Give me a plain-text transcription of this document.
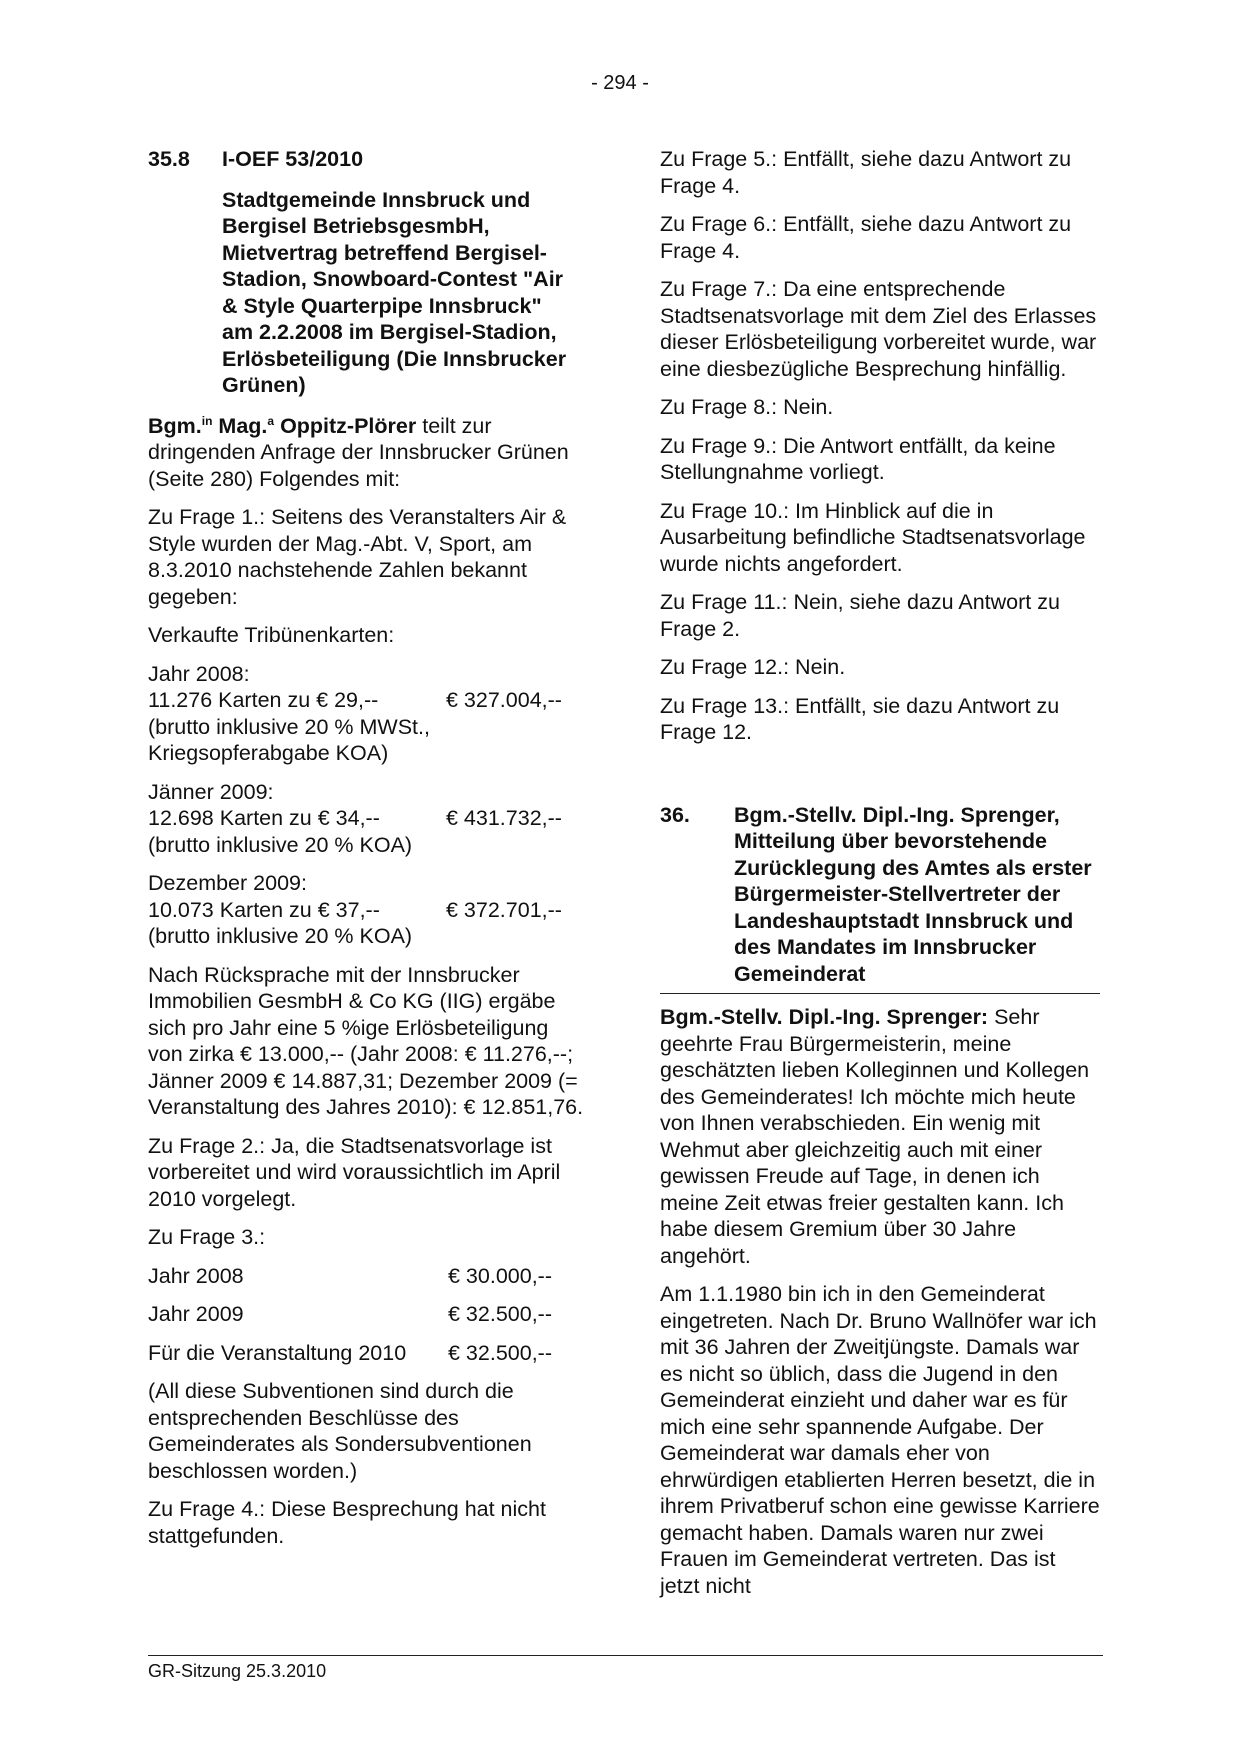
- 294 -
35.8	I-OEF 53/2010
Stadtgemeinde Innsbruck und Bergisel BetriebsgesmbH, Mietvertrag betreffend Bergisel-Stadion, Snowboard-Contest "Air & Style Quarterpipe Innsbruck" am 2.2.2008 im Bergisel-Stadion, Erlösbeteiligung (Die Innsbrucker Grünen)

Bgm.$^{in}$ Mag.$^a$ Oppitz-Plörer teilt zur dringenden Anfrage der Innsbrucker Grünen (Seite 280) Folgendes mit:

Zu Frage 1.: Seitens des Veranstalters Air & Style wurden der Mag.-Abt. V, Sport, am 8.3.2010 nachstehende Zahlen bekannt gegeben:

Verkaufte Tribünenkarten:

Jahr 2008:
11.276 Karten zu € 29,--	€ 327.004,--
(brutto inklusive 20 % MWSt., Kriegsopferabgabe KOA)
Jänner 2009:
12.698 Karten zu € 34,--	€ 431.732,--
(brutto inklusive 20 % KOA)
Dezember 2009:
10.073 Karten zu € 37,--	€ 372.701,--
(brutto inklusive 20 % KOA)

Nach Rücksprache mit der Innsbrucker Immobilien GesmbH & Co KG (IIG) ergäbe sich pro Jahr eine 5 %ige Erlösbeteiligung von zirka € 13.000,-- (Jahr 2008: € 11.276,--; Jänner 2009 € 14.887,31; Dezember 2009 (= Veranstaltung des Jahres 2010): € 12.851,76.

Zu Frage 2.: Ja, die Stadtsenatsvorlage ist vorbereitet und wird voraussichtlich im April 2010 vorgelegt.

Zu Frage 3.:

Jahr 2008	€ 30.000,--
Jahr 2009	€ 32.500,--
Für die Veranstaltung 2010	€ 32.500,--

(All diese Subventionen sind durch die entsprechenden Beschlüsse des Gemeinderates als Sondersubventionen beschlossen worden.)

Zu Frage 4.: Diese Besprechung hat nicht stattgefunden.

Zu Frage 5.: Entfällt, siehe dazu Antwort zu Frage 4.

Zu Frage 6.: Entfällt, siehe dazu Antwort zu Frage 4.

Zu Frage 7.: Da eine entsprechende Stadtsenatsvorlage mit dem Ziel des Erlasses dieser Erlösbeteiligung vorbereitet wurde, war eine diesbezügliche Besprechung hinfällig.

Zu Frage 8.: Nein.

Zu Frage 9.: Die Antwort entfällt, da keine Stellungnahme vorliegt.

Zu Frage 10.: Im Hinblick auf die in Ausarbeitung befindliche Stadtsenatsvorlage wurde nichts angefordert.

Zu Frage 11.: Nein, siehe dazu Antwort zu Frage 2.

Zu Frage 12.: Nein.

Zu Frage 13.: Entfällt, sie dazu Antwort zu Frage 12.

36.	Bgm.-Stellv. Dipl.-Ing. Sprenger, Mitteilung über bevorstehende Zurücklegung des Amtes als erster Bürgermeister-Stellvertreter der Landeshauptstadt Innsbruck und des Mandates im Innsbrucker Gemeinderat

Bgm.-Stellv. Dipl.-Ing. Sprenger: Sehr geehrte Frau Bürgermeisterin, meine geschätzten lieben Kolleginnen und Kollegen des Gemeinderates! Ich möchte mich heute von Ihnen verabschieden. Ein wenig mit Wehmut aber gleichzeitig auch mit einer gewissen Freude auf Tage, in denen ich meine Zeit etwas freier gestalten kann. Ich habe diesem Gremium über 30 Jahre angehört.

Am 1.1.1980 bin ich in den Gemeinderat eingetreten. Nach Dr. Bruno Wallnöfer war ich mit 36 Jahren der Zweitjüngste. Damals war es nicht so üblich, dass die Jugend in den Gemeinderat einzieht und daher war es für mich eine sehr spannende Aufgabe. Der Gemeinderat war damals eher von ehrwürdigen etablierten Herren besetzt, die in ihrem Privatberuf schon eine gewisse Karriere gemacht haben. Damals waren nur zwei Frauen im Gemeinderat vertreten. Das ist jetzt nicht

GR-Sitzung 25.3.2010
